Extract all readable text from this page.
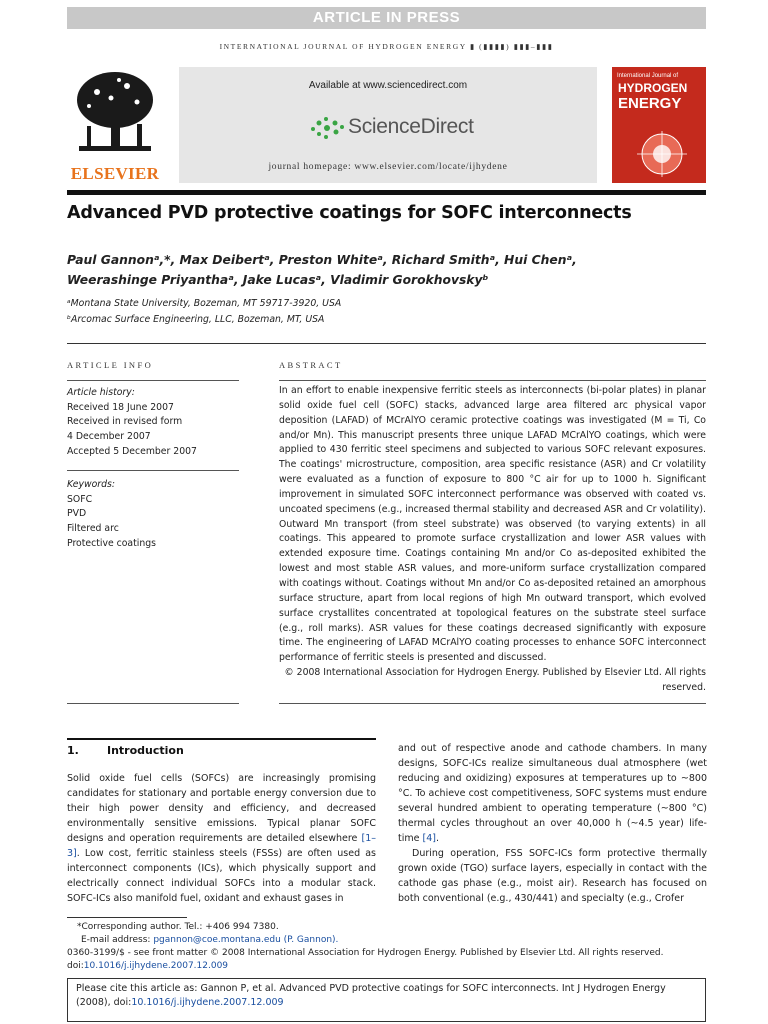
ARTICLE IN PRESS
INTERNATIONAL JOURNAL OF HYDROGEN ENERGY ▮ (▮▮▮▮) ▮▮▮–▮▮▮
ELSEVIER
Available at www.sciencedirect.com
ScienceDirect
journal homepage: www.elsevier.com/locate/ijhydene
International Journal of
HYDROGEN
ENERGY
Advanced PVD protective coatings for SOFC interconnects
Paul Gannonᵃ,*, Max Deibertᵃ, Preston Whiteᵃ, Richard Smithᵃ, Hui Chenᵃ,
Weerashinge Priyanthaᵃ, Jake Lucasᵃ, Vladimir Gorokhovskyᵇ
ᵃMontana State University, Bozeman, MT 59717-3920, USA
ᵇArcomac Surface Engineering, LLC, Bozeman, MT, USA
ARTICLE INFO
Article history:
Received 18 June 2007
Received in revised form
4 December 2007
Accepted 5 December 2007
Keywords:
SOFC
PVD
Filtered arc
Protective coatings
ABSTRACT
In an effort to enable inexpensive ferritic steels as interconnects (bi-polar plates) in planar solid oxide fuel cell (SOFC) stacks, advanced large area filtered arc physical vapor deposition (LAFAD) of MCrAlYO ceramic protective coatings was investigated (M = Ti, Co and/or Mn). This manuscript presents three unique LAFAD MCrAlYO coatings, which were applied to 430 ferritic steel specimens and subjected to various SOFC relevant exposures. The coatings' microstructure, composition, area specific resistance (ASR) and Cr volatility were evaluated as a function of exposure to 800 °C air for up to 1000 h. Significant improvement in simulated SOFC interconnect performance was observed with coated vs. uncoated specimens (e.g., increased thermal stability and decreased ASR and Cr volatility). Outward Mn transport (from steel substrate) was observed (to varying extents) in all coatings. This appeared to promote surface crystallization and lower ASR values with extended exposure time. Coatings containing Mn and/or Co as-deposited exhibited the lowest and most stable ASR values, and more-uniform surface crystallization compared with coatings without. Coatings without Mn and/or Co as-deposited retained an amorphous surface structure, apart from local regions of high Mn outward transport, which evolved surface crystallites concentrated at topological features on the substrate steel surface (e.g., roll marks). ASR values for these coatings decreased significantly with exposure time. The engineering of LAFAD MCrAlYO coating processes to enhance SOFC interconnect performance of ferritic steels is presented and discussed.
© 2008 International Association for Hydrogen Energy. Published by Elsevier Ltd. All rights reserved.
1.	Introduction
Solid oxide fuel cells (SOFCs) are increasingly promising candidates for stationary and portable energy conversion due to their high power density and efficiency, and decreased environmentally sensitive emissions. Typical planar SOFC designs and operation requirements are detailed elsewhere [1–3]. Low cost, ferritic stainless steels (FSSs) are often used as interconnect components (ICs), which physically support and electrically connect individual SOFCs into a modular stack. SOFC-ICs also manifold fuel, oxidant and exhaust gases in
and out of respective anode and cathode chambers. In many designs, SOFC-ICs realize simultaneous dual atmosphere (wet reducing and oxidizing) exposures at temperatures up to ~800 °C. To achieve cost competitiveness, SOFC systems must endure several hundred ambient to operating temperature (~800 °C) thermal cycles throughout an over 40,000 h (~4.5 year) life-time [4].
During operation, FSS SOFC-ICs form protective thermally grown oxide (TGO) surface layers, especially in contact with the cathode gas phase (e.g., moist air). Research has focused on both conventional (e.g., 430/441) and specialty (e.g., Crofer
*Corresponding author. Tel.: +406 994 7380.
E-mail address: pgannon@coe.montana.edu (P. Gannon).
0360-3199/$ - see front matter © 2008 International Association for Hydrogen Energy. Published by Elsevier Ltd. All rights reserved.
doi:10.1016/j.ijhydene.2007.12.009
Please cite this article as: Gannon P, et al. Advanced PVD protective coatings for SOFC interconnects. Int J Hydrogen Energy (2008), doi:10.1016/j.ijhydene.2007.12.009
